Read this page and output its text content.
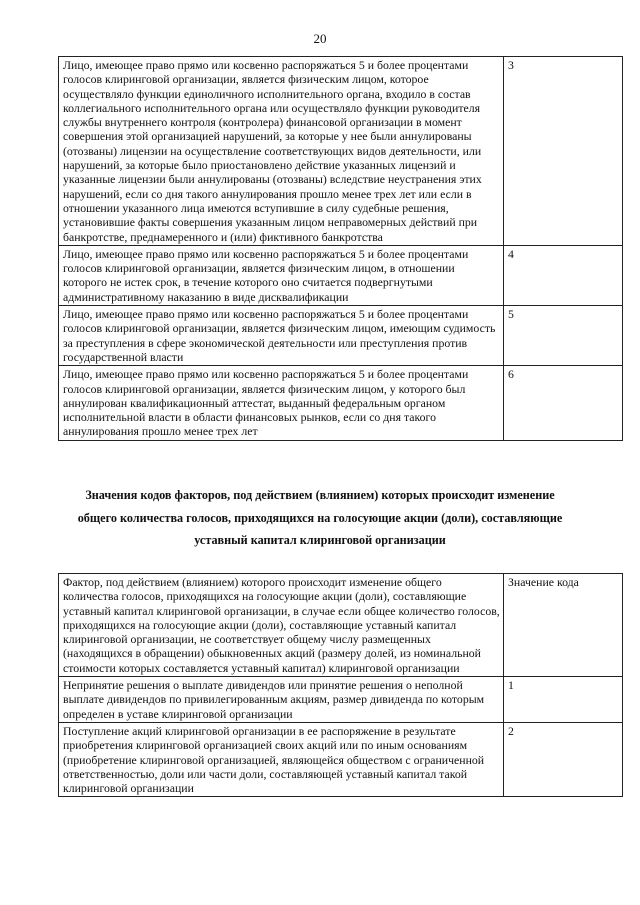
20
Лицо, имеющее право прямо или косвенно распоряжаться 5 и более процентами голосов клиринговой организации, является физическим лицом, которое осуществляло функции единоличного исполнительного органа, входило в состав коллегиального исполнительного органа или осуществляло функции руководителя службы внутреннего контроля (контролера) финансовой организации в момент совершения этой организацией нарушений, за которые у нее были аннулированы (отозваны) лицензии на осуществление соответствующих видов деятельности, или нарушений, за которые было приостановлено действие указанных лицензий и указанные лицензии были аннулированы (отозваны) вследствие неустранения этих нарушений, если со дня такого аннулирования прошло менее трех лет или если в отношении указанного лица имеются вступившие в силу судебные решения, установившие факты совершения указанным лицом неправомерных действий при банкротстве, преднамеренного и (или) фиктивного банкротства	3
Лицо, имеющее право прямо или косвенно распоряжаться 5 и более процентами голосов клиринговой организации, является физическим лицом, в отношении которого не истек срок, в течение которого оно считается подвергнутыми административному наказанию в виде дисквалификации	4
Лицо, имеющее право прямо или косвенно распоряжаться 5 и более процентами голосов клиринговой организации, является физическим лицом, имеющим судимость за преступления в сфере экономической деятельности или преступления против государственной власти	5
Лицо, имеющее право прямо или косвенно распоряжаться 5 и более процентами голосов клиринговой организации, является физическим лицом, у которого был аннулирован квалификационный аттестат, выданный федеральным органом исполнительной власти в области финансовых рынков, если со дня такого аннулирования прошло менее трех лет	6
Значения кодов факторов, под действием (влиянием) которых происходит изменение
общего количества голосов, приходящихся на голосующие акции (доли), составляющие
уставный капитал клиринговой организации
Фактор, под действием (влиянием) которого происходит изменение общего количества голосов, приходящихся на голосующие акции (доли), составляющие уставный капитал клиринговой организации, в случае если общее количество голосов, приходящихся на голосующие акции (доли), составляющие уставный капитал клиринговой организации, не соответствует общему числу размещенных (находящихся в обращении) обыкновенных акций (размеру долей, из номинальной стоимости которых составляется уставный капитал) клиринговой организации	Значение кода
Непринятие решения о выплате дивидендов или принятие решения о неполной выплате дивидендов по привилегированным акциям, размер дивиденда по которым определен в уставе клиринговой организации	1
Поступление акций клиринговой организации в ее распоряжение в результате приобретения клиринговой организацией своих акций или по иным основаниям (приобретение клиринговой организацией, являющейся обществом с ограниченной ответственностью, доли или части доли, составляющей уставный капитал такой клиринговой организации	2
